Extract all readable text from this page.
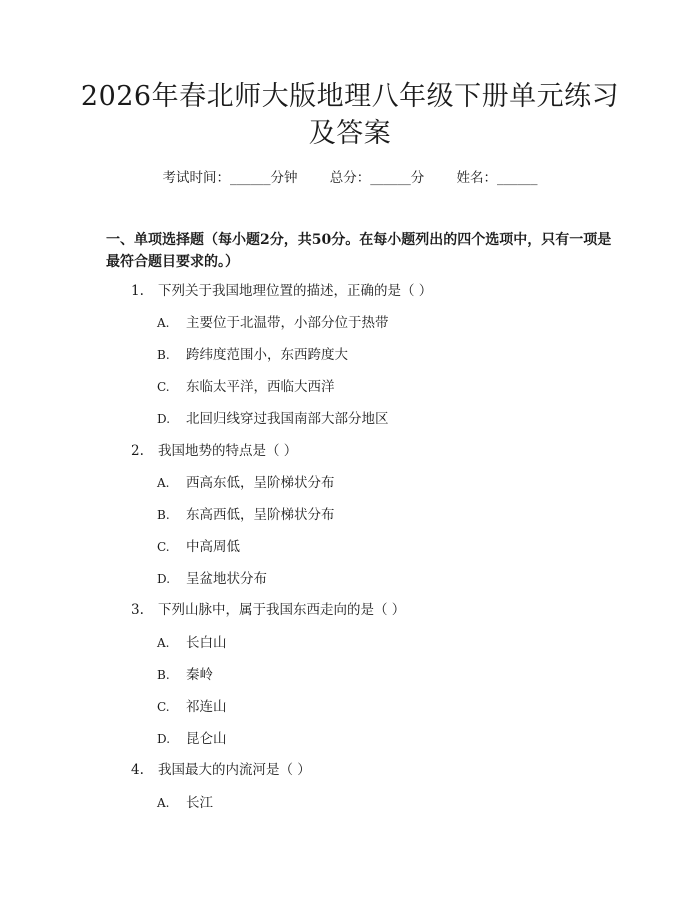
2026年春北师大版地理八年级下册单元练习及答案
考试时间：______分钟 总分：______分 姓名：______
一、单项选择题（每小题2分，共50分。在每小题列出的四个选项中，只有一项是最符合题目要求的。）
1. 下列关于我国地理位置的描述，正确的是（ ）
A. 主要位于北温带，小部分位于热带
B. 跨纬度范围小，东西跨度大
C. 东临太平洋，西临大西洋
D. 北回归线穿过我国南部大部分地区
2. 我国地势的特点是（ ）
A. 西高东低，呈阶梯状分布
B. 东高西低，呈阶梯状分布
C. 中高周低
D. 呈盆地状分布
3. 下列山脉中，属于我国东西走向的是（ ）
A. 长白山
B. 秦岭
C. 祁连山
D. 昆仑山
4. 我国最大的内流河是（ ）
A. 长江
